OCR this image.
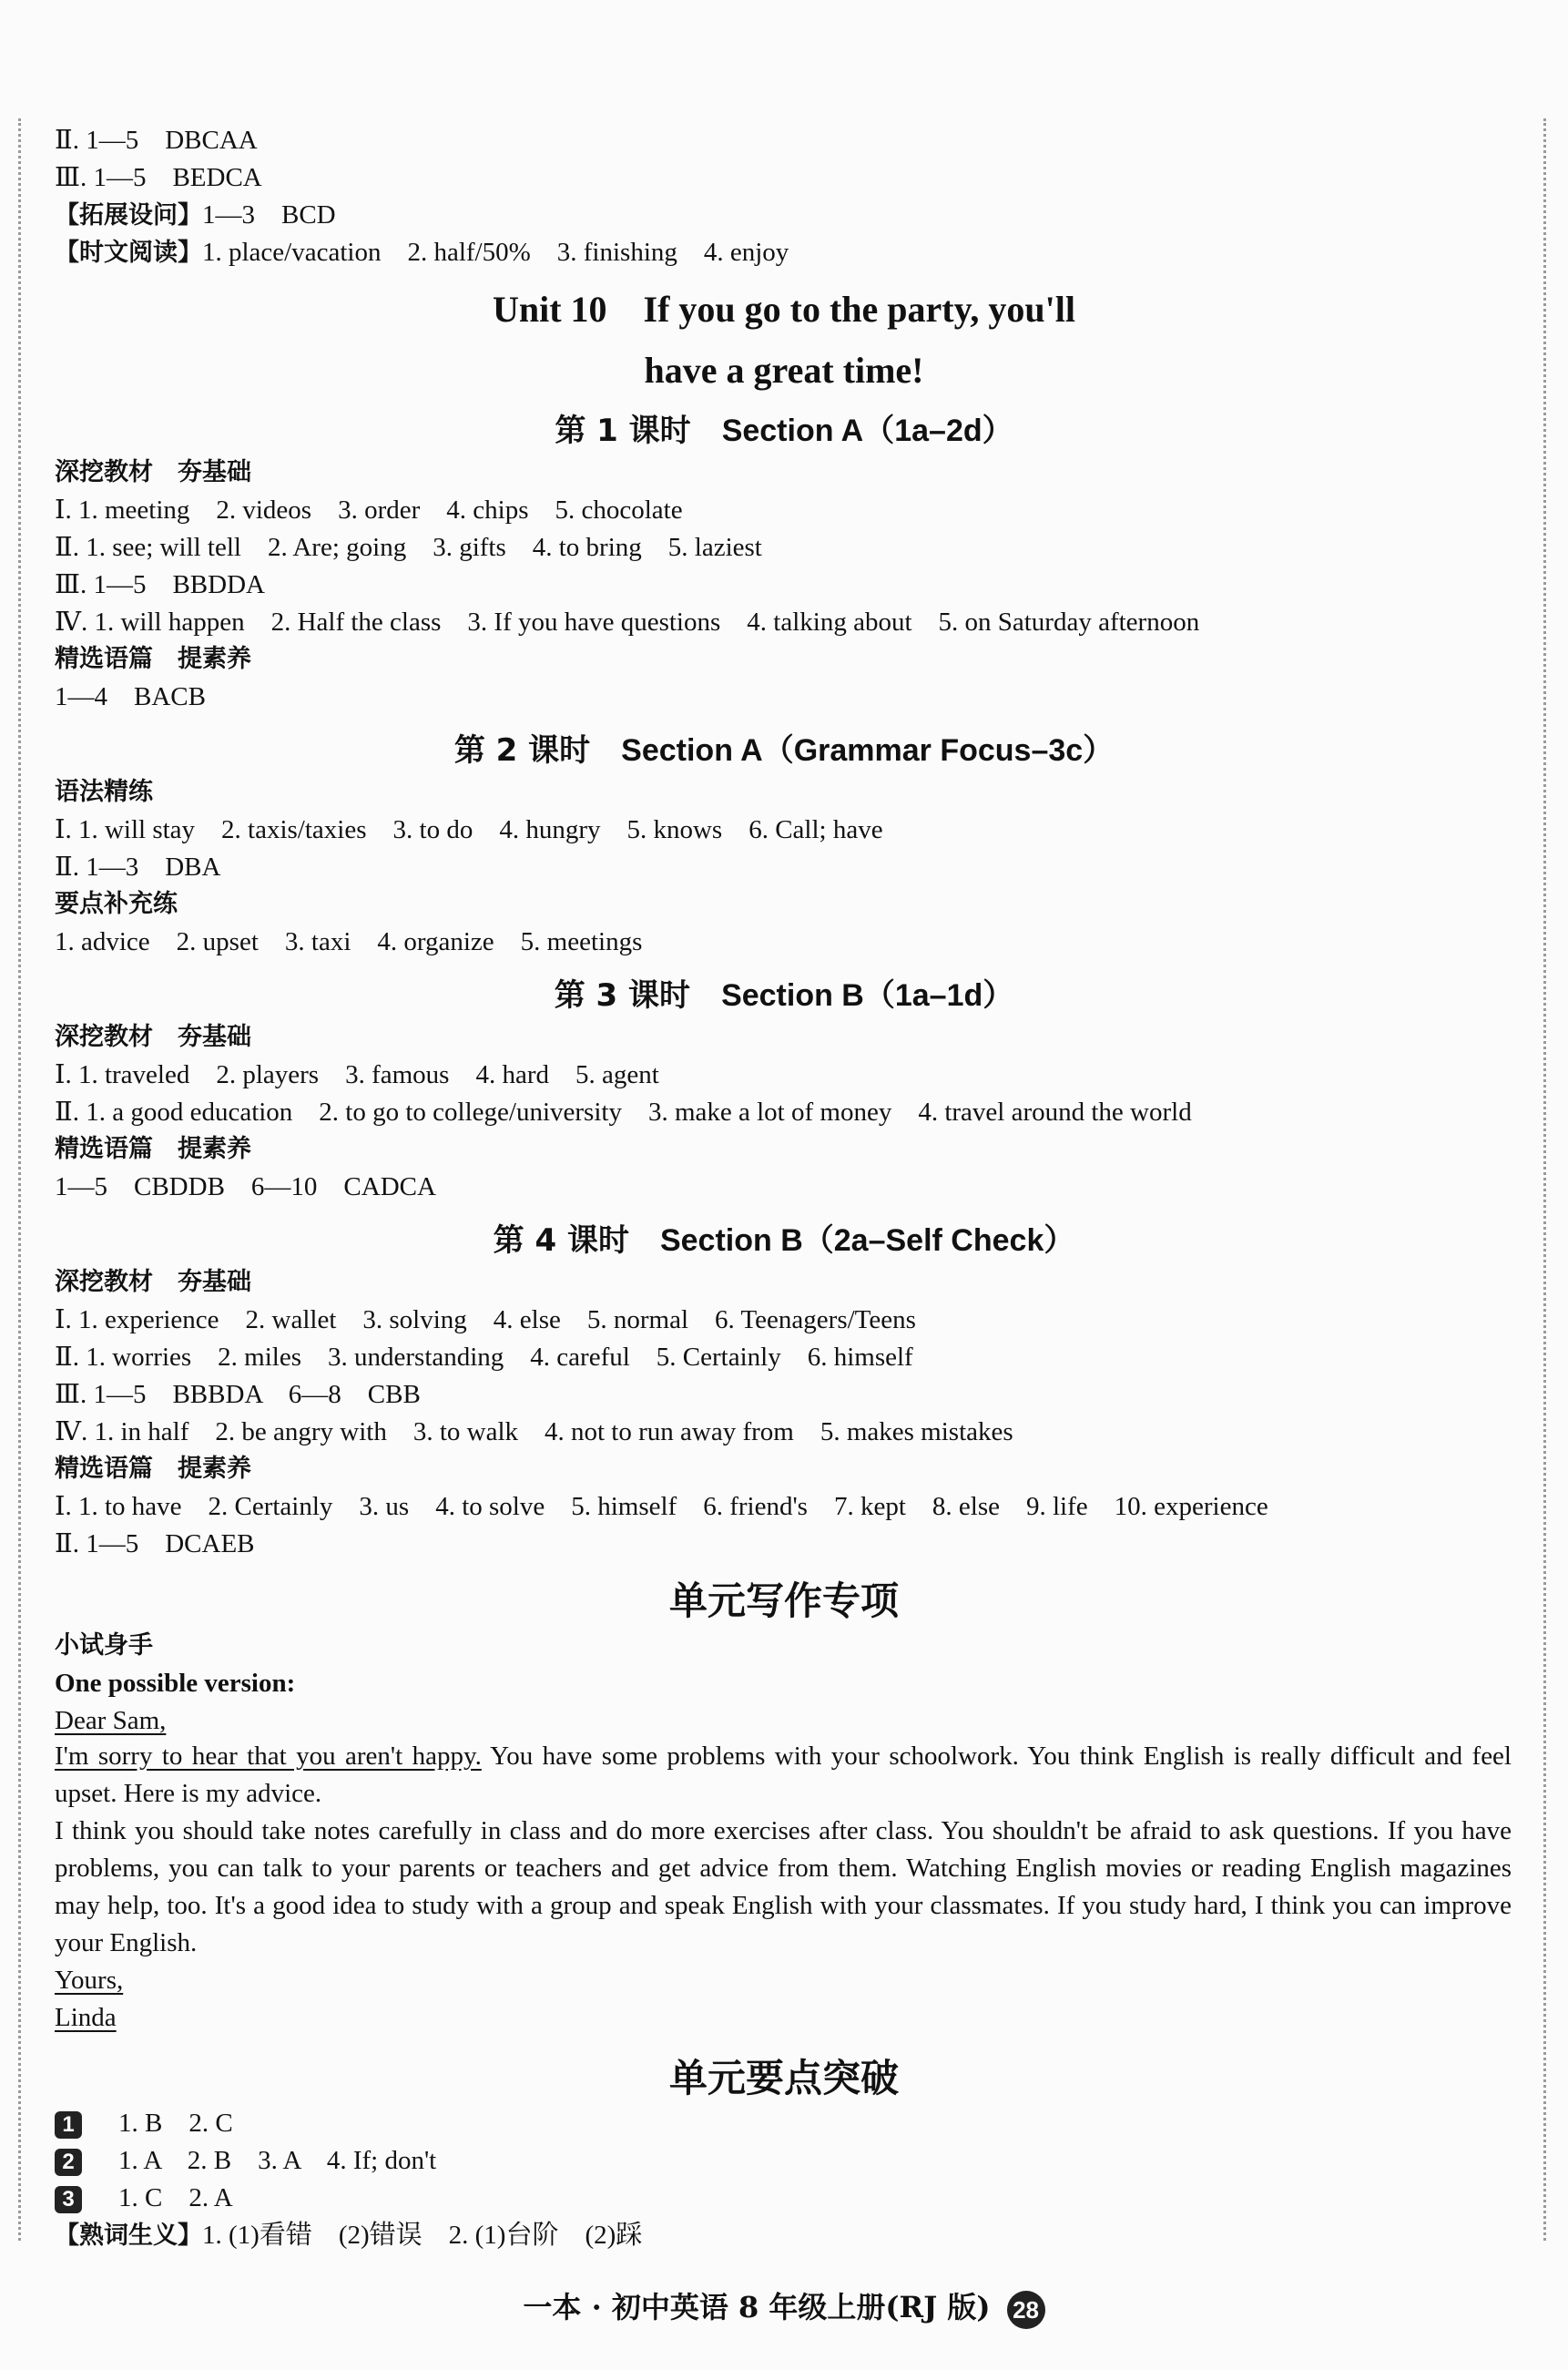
Ⅱ. 1—5　DBCAA
Ⅲ. 1—5　BEDCA
【拓展设问】1—3　BCD
【时文阅读】1. place/vacation　2. half/50%　3. finishing　4. enjoy
Unit 10　If you go to the party, you'll
have a great time!
第 1 课时 Section A（1a–2d）
深挖教材　夯基础
Ⅰ. 1. meeting　2. videos　3. order　4. chips　5. chocolate
Ⅱ. 1. see; will tell　2. Are; going　3. gifts　4. to bring　5. laziest
Ⅲ. 1—5　BBDDA
Ⅳ. 1. will happen　2. Half the class　3. If you have questions　4. talking about　5. on Saturday afternoon
精选语篇　提素养
1—4　BACB
第 2 课时 Section A（Grammar Focus–3c）
语法精练
Ⅰ. 1. will stay　2. taxis/taxies　3. to do　4. hungry　5. knows　6. Call; have
Ⅱ. 1—3　DBA
要点补充练
1. advice　2. upset　3. taxi　4. organize　5. meetings
第 3 课时 Section B（1a–1d）
深挖教材　夯基础
Ⅰ. 1. traveled　2. players　3. famous　4. hard　5. agent
Ⅱ. 1. a good education　2. to go to college/university　3. make a lot of money　4. travel around the world
精选语篇　提素养
1—5　CBDDB　6—10　CADCA
第 4 课时 Section B（2a–Self Check）
深挖教材　夯基础
Ⅰ. 1. experience　2. wallet　3. solving　4. else　5. normal　6. Teenagers/Teens
Ⅱ. 1. worries　2. miles　3. understanding　4. careful　5. Certainly　6. himself
Ⅲ. 1—5　BBBDA　6—8　CBB
Ⅳ. 1. in half　2. be angry with　3. to walk　4. not to run away from　5. makes mistakes
精选语篇　提素养
Ⅰ. 1. to have　2. Certainly　3. us　4. to solve　5. himself　6. friend's　7. kept　8. else　9. life　10. experience
Ⅱ. 1—5　DCAEB
单元写作专项
小试身手
One possible version:
Dear Sam,
I'm sorry to hear that you aren't happy. You have some problems with your schoolwork. You think English is really difficult and feel upset. Here is my advice.
I think you should take notes carefully in class and do more exercises after class. You shouldn't be afraid to ask questions. If you have problems, you can talk to your parents or teachers and get advice from them. Watching English movies or reading English magazines may help, too. It's a good idea to study with a group and speak English with your classmates. If you study hard, I think you can improve your English.
Yours,
Linda
单元要点突破
1 1. B　2. C
2 1. A　2. B　3. A　4. If; don't
3 1. C　2. A
【熟词生义】1. (1)看错　(2)错误　2. (1)台阶　(2)踩
一本 · 初中英语 8 年级上册(RJ 版) 28
